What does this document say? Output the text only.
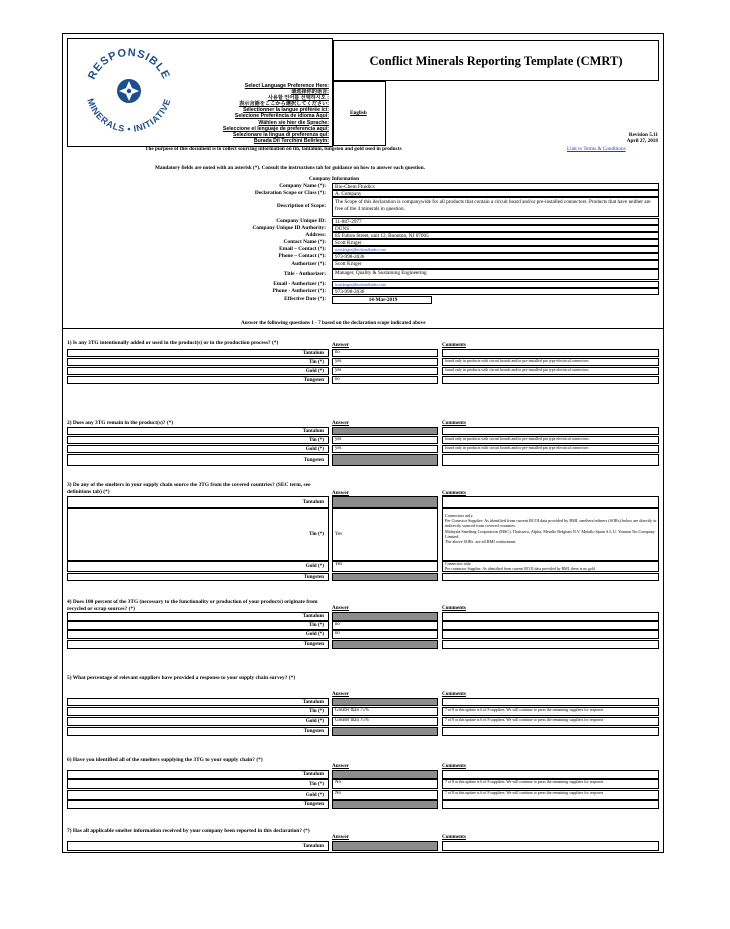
RESPONSIBLE
MINERALS • INITIATIVE
Select Language Preference Here:
请选择你的语言:
사용할 언어를 선택하시오 :
表示言語をここから選択してください:
Sélectionner la langue préférée ici:
Selecione Preferência de idioma Aqui:
Wählen sie hier die Sprache:
Seleccione el lenguaje de preferencia aqui:
Selezionare la lingua di preferenza qui:
Burada Dil Tercihini Belirleyin:
Conflict Minerals Reporting Template (CMRT)
English
Revision 5.11
April 27, 2018
The purpose of this document is to collect sourcing information on tin, tantalum, tungsten and gold used in products	Link to Terms & Conditions
Mandatory fields are noted with an asterisk (*). Consult the instructions tab for guidance on how to answer each question.
Company Information
Company Name (*):	Bio-Chem Fluidics
Declaration Scope or Class (*):	A. Company
Description of Scope:
The Scope of this declaration is companywide for all products that contain a circuit board and/or pre-installed connectors. Products that have neither are free of the 4 minerals in question.
Company Unique ID:	11-887-2977
Company Unique ID Authority:	DUNS
Address:	85 Fulton Street, unit 12, Boonton, NJ 07005
Contact Name (*):	Scott Kruger
Email – Contact (*):	scott.kruger@biochemfluidics.com
Phone – Contact (*):	973-998-2036
Authorizer (*):	Scott Kruger
Title - Authorizer:	Manager, Quality & Sustaining Engineering
Email - Authorizer (*):	scott.kruger@biochemfluidics.com
Phone - Authorizer (*):	973-998-2036
Effective Date (*):	14-Mar-2019
Answer the following questions 1 - 7 based on the declaration scope indicated above
1) Is any 3TG intentionally added or used in the product(s) or in the production process? (*)	Answer	Comments
Tantalum	no
Tin (*)	yes	found only in products with circuit boards and/or pre-installed pin type electrical connectors
Gold (*)	yes	found only in products with circuit boards and/or pre-installed pin type electrical connectors
Tungsten	no
2) Does any 3TG remain in the product(s)? (*)	Answer	Comments
Tantalum
Tin (*)	yes	found only in products with circuit boards and/or pre-installed pin type electrical connectors
Gold (*)	yes	found only in products with circuit boards and/or pre-installed pin type electrical connectors
Tungsten
3) Do any of the smelters in your supply chain source the 3TG from the covered countries? (SEC term, see definitions tab) (*)	Answer	Comments
Tantalum
Tin (*)	Yes
Connectors only.
Per Conector Supplier: As identified from current RCOI data provided by RMI, smelters/refiners (SORs) below are directly or indirectly sourced from covered countries.
Malaysia Smelting Corporation (MSC), Thaisarco, Alpha, Metallo Belgium N.V. Metallo Spain S.L.U. Yunnan Tin Company Limited.
The above SORs  are all RMI conformant.
Gold (*)	Yes	Connectors only.
Per connector Supplier: As identified from current RCOI data provided by RMI, there is no gold
Tungsten
4) Does 100 percent of the 3TG (necessary to the functionality or production of your products) originate from recycled or scrap sources? (*)	Answer	Comments
Tantalum
Tin (*)	no
Gold (*)	no
Tungsten
5) What percentage of relevant suppliers have provided a response to your supply chain survey? (*)
Answer	Comments
Tantalum
Tin (*)	Greater than 75%	7 of 8 at this update is 6 of 8 suppliers. We will continue to press the remaining suppliers for response
Gold (*)	Greater than 75%	7 of 8 at this update is 6 of 8 suppliers. We will continue to press the remaining suppliers for response
Tungsten
6) Have you identified all of the smelters supplying the 3TG to your supply chain? (*)
Answer	Comments
Tantalum
Tin (*)	No	7 of 8 at this update is 6 of 8 suppliers. We will continue to press the remaining suppliers for response
Gold (*)	No	7 of 8 at this update is 6 of 8 suppliers. We will continue to press the remaining suppliers for response
Tungsten
7) Has all applicable smelter information received by your company been reported in this declaration? (*)
Answer	Comments
Tantalum
